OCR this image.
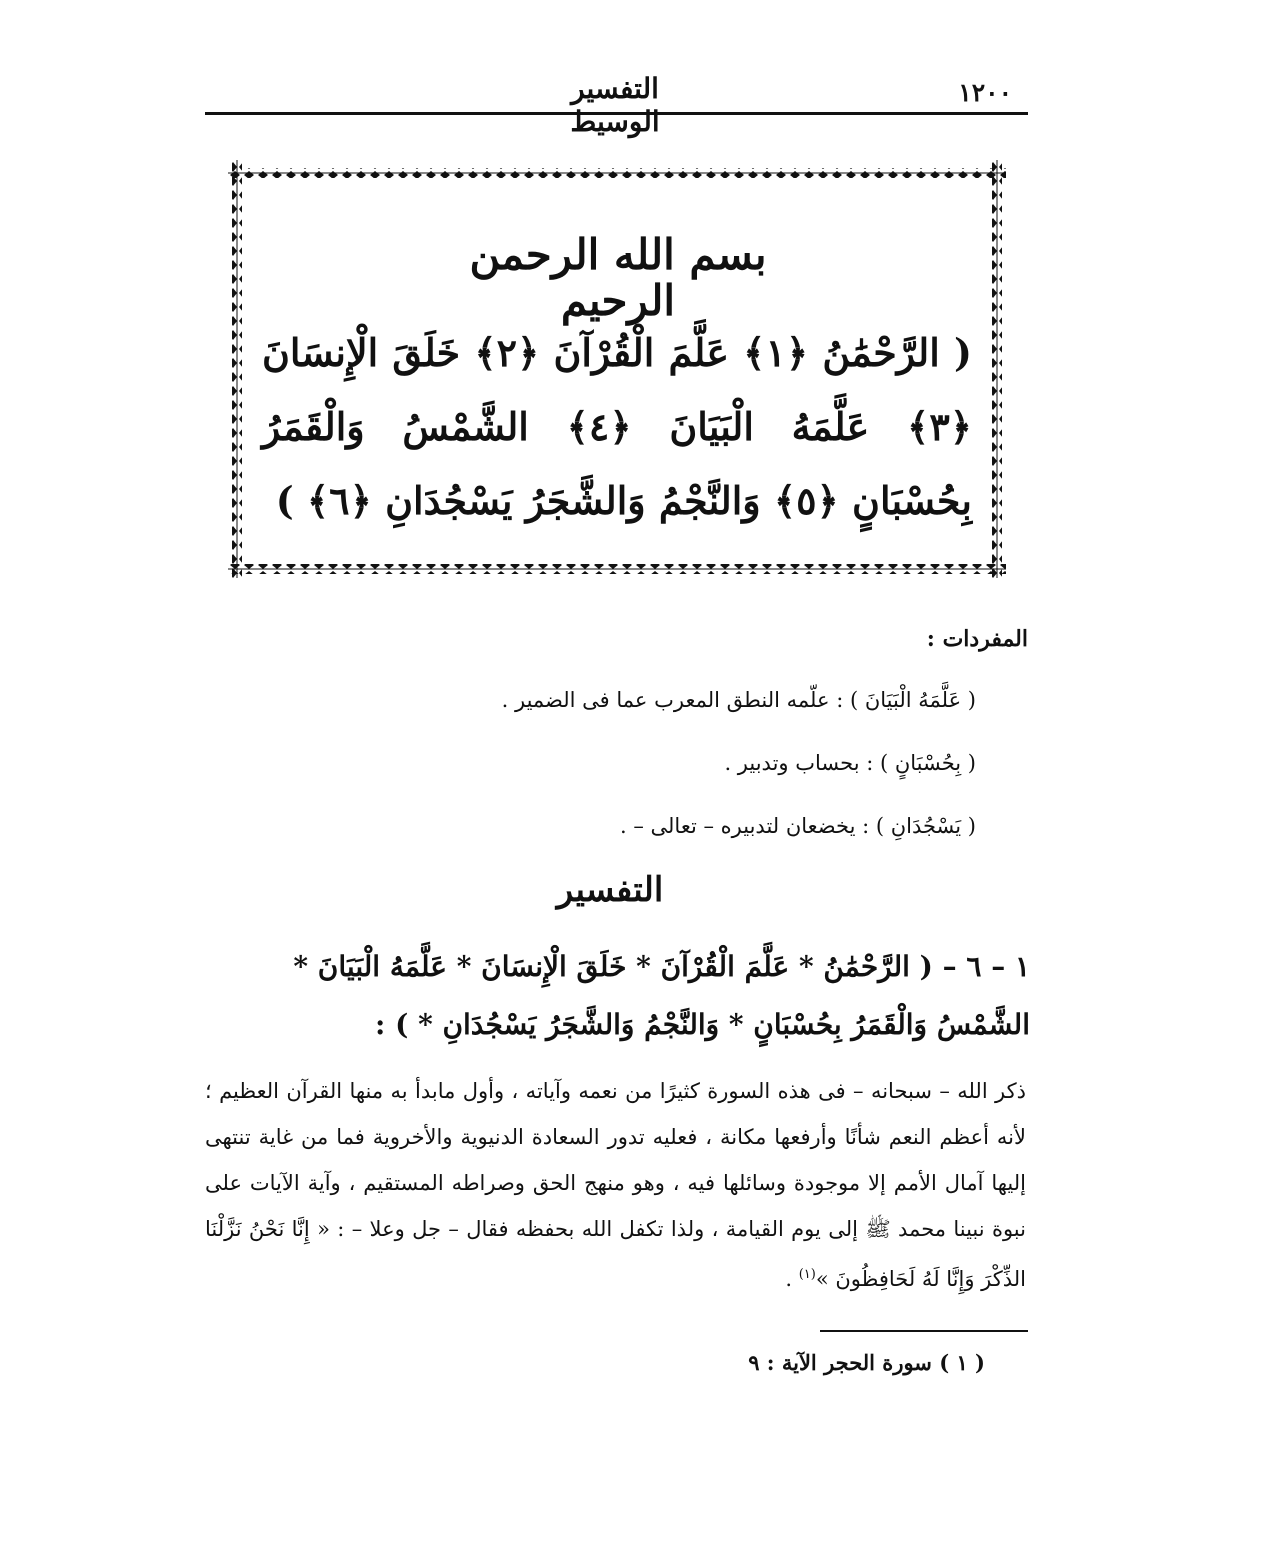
١٢٠٠
التفسير الوسيط
بسم الله الرحمن الرحيم
( الرَّحْمَٰنُ ﴿١﴾ عَلَّمَ الْقُرْآنَ ﴿٢﴾ خَلَقَ الْإِنسَانَ ﴿٣﴾ عَلَّمَهُ الْبَيَانَ ﴿٤﴾ الشَّمْسُ وَالْقَمَرُ بِحُسْبَانٍ ﴿٥﴾ وَالنَّجْمُ وَالشَّجَرُ يَسْجُدَانِ ﴿٦﴾ )
المفردات :
( عَلَّمَهُ الْبَيَانَ ) : علّمه النطق المعرب عما فى الضمير .
( بِحُسْبَانٍ ) : بحساب وتدبير .
( يَسْجُدَانِ ) : يخضعان لتدبيره – تعالى – .
التفسير
١ – ٦ – ( الرَّحْمَٰنُ * عَلَّمَ الْقُرْآنَ * خَلَقَ الْإِنسَانَ * عَلَّمَهُ الْبَيَانَ * الشَّمْسُ وَالْقَمَرُ بِحُسْبَانٍ * وَالنَّجْمُ وَالشَّجَرُ يَسْجُدَانِ * ) :
ذكر الله – سبحانه – فى هذه السورة كثيرًا من نعمه وآياته ، وأول مابدأ به منها القرآن العظيم ؛ لأنه أعظم النعم شأنًا وأرفعها مكانة ، فعليه تدور السعادة الدنيوية والأخروية فما من غاية تنتهى إليها آمال الأمم إلا موجودة وسائلها فيه ، وهو منهج الحق وصراطه المستقيم ، وآية الآيات على نبوة نبينا محمد ﷺ إلى يوم القيامة ، ولذا تكفل الله بحفظه فقال – جل وعلا – : « إِنَّا نَحْنُ نَزَّلْنَا الذِّكْرَ وَإِنَّا لَهُ لَحَافِظُونَ »$^{(١)}$ .
( ١ ) سورة الحجر الآية : ٩
